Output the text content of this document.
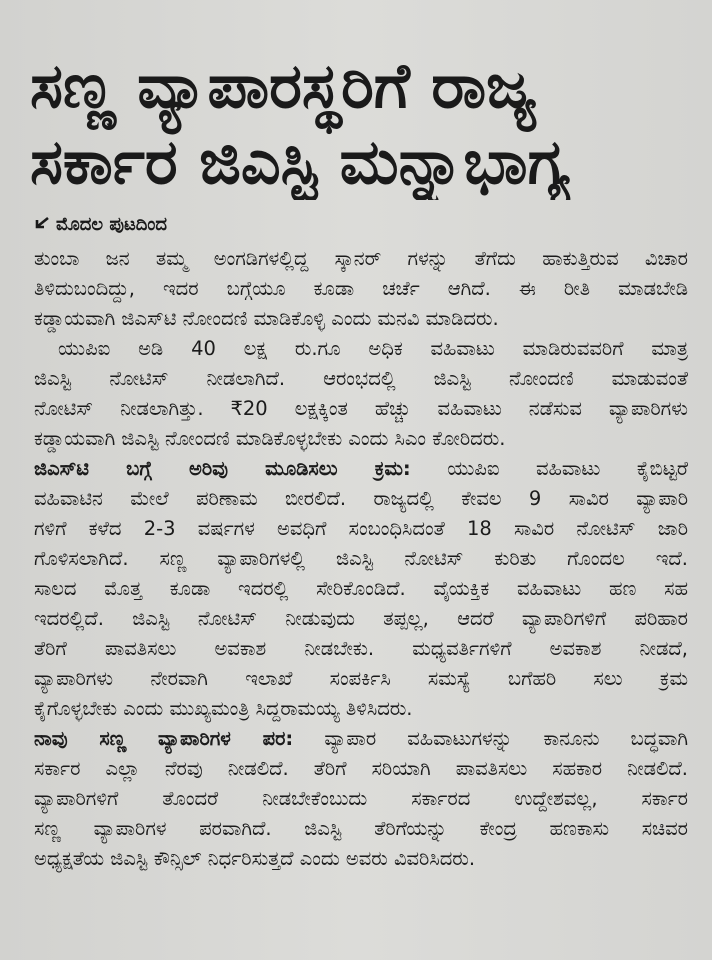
ಸಣ್ಣ ವ್ಯಾಪಾರಸ್ಥರಿಗೆ ರಾಜ್ಯ
ಸರ್ಕಾರ ಜಿಎಸ್ಟಿ ಮನ್ನಾಭಾಗ್ಯ
ಮೊದಲ ಪುಟದಿಂದ
ತುಂಬಾ ಜನ ತಮ್ಮ ಅಂಗಡಿಗಳಲ್ಲಿದ್ದ ಸ್ಕಾನರ್ ಗಳನ್ನು ತೆಗೆದು ಹಾಕುತ್ತಿರುವ ವಿಚಾರ
ತಿಳಿದುಬಂದಿದ್ದು, ಇದರ ಬಗ್ಗೆಯೂ ಕೂಡಾ ಚರ್ಚೆ ಆಗಿದೆ. ಈ ರೀತಿ ಮಾಡಬೇಡಿ
ಕಡ್ಡಾಯವಾಗಿ ಜಿಎಸ್‌ಟಿ ನೋಂದಣಿ ಮಾಡಿಕೊಳ್ಳಿ ಎಂದು ಮನವಿ ಮಾಡಿದರು.
ಯುಪಿಐ ಅಡಿ 40 ಲಕ್ಷ ರು.ಗೂ ಅಧಿಕ ವಹಿವಾಟು ಮಾಡಿರುವವರಿಗೆ ಮಾತ್ರ
ಜಿಎಸ್ಟಿ ನೋಟಿಸ್ ನೀಡಲಾಗಿದೆ. ಆರಂಭದಲ್ಲಿ ಜಿಎಸ್ಟಿ ನೋಂದಣಿ ಮಾಡುವಂತೆ
ನೋಟಿಸ್ ನೀಡಲಾಗಿತ್ತು. ₹20 ಲಕ್ಷಕ್ಕಿಂತ ಹೆಚ್ಚು ವಹಿವಾಟು ನಡೆಸುವ ವ್ಯಾಪಾರಿಗಳು
ಕಡ್ಡಾಯವಾಗಿ ಜಿಎಸ್ಟಿ ನೋಂದಣಿ ಮಾಡಿಕೊಳ್ಳಬೇಕು ಎಂದು ಸಿಎಂ ಕೋರಿದರು.
ಜಿಎಸ್‌ಟಿ ಬಗ್ಗೆ ಅರಿವು ಮೂಡಿಸಲು ಕ್ರಮ: ಯುಪಿಐ ವಹಿವಾಟು ಕೈಬಿಟ್ಟರೆ
ವಹಿವಾಟಿನ ಮೇಲೆ ಪರಿಣಾಮ ಬೀರಲಿದೆ. ರಾಜ್ಯದಲ್ಲಿ ಕೇವಲ 9 ಸಾವಿರ ವ್ಯಾಪಾರಿ
ಗಳಿಗೆ ಕಳೆದ 2-3 ವರ್ಷಗಳ ಅವಧಿಗೆ ಸಂಬಂಧಿಸಿದಂತೆ 18 ಸಾವಿರ ನೋಟಿಸ್ ಜಾರಿ
ಗೊಳಿಸಲಾಗಿದೆ. ಸಣ್ಣ ವ್ಯಾಪಾರಿಗಳಲ್ಲಿ ಜಿಎಸ್ಟಿ ನೋಟಿಸ್ ಕುರಿತು ಗೊಂದಲ ಇದೆ.
ಸಾಲದ ಮೊತ್ತ ಕೂಡಾ ಇದರಲ್ಲಿ ಸೇರಿಕೊಂಡಿದೆ. ವೈಯಕ್ತಿಕ ವಹಿವಾಟು ಹಣ ಸಹ
ಇದರಲ್ಲಿದೆ. ಜಿಎಸ್ಟಿ ನೋಟಿಸ್ ನೀಡುವುದು ತಪ್ಪಲ್ಲ, ಆದರೆ ವ್ಯಾಪಾರಿಗಳಿಗೆ ಪರಿಹಾರ
ತೆರಿಗೆ ಪಾವತಿಸಲು ಅವಕಾಶ ನೀಡಬೇಕು. ಮಧ್ಯವರ್ತಿಗಳಿಗೆ ಅವಕಾಶ ನೀಡದೆ,
ವ್ಯಾಪಾರಿಗಳು ನೇರವಾಗಿ ಇಲಾಖೆ ಸಂಪರ್ಕಿಸಿ ಸಮಸ್ಯೆ ಬಗೆಹರಿ ಸಲು ಕ್ರಮ
ಕೈಗೊಳ್ಳಬೇಕು ಎಂದು ಮುಖ್ಯಮಂತ್ರಿ ಸಿದ್ದರಾಮಯ್ಯ ತಿಳಿಸಿದರು.
ನಾವು ಸಣ್ಣ ವ್ಯಾಪಾರಿಗಳ ಪರ: ವ್ಯಾಪಾರ ವಹಿವಾಟುಗಳನ್ನು ಕಾನೂನು ಬದ್ಧವಾಗಿ
ಸರ್ಕಾರ ಎಲ್ಲಾ ನೆರವು ನೀಡಲಿದೆ. ತೆರಿಗೆ ಸರಿಯಾಗಿ ಪಾವತಿಸಲು ಸಹಕಾರ ನೀಡಲಿದೆ.
ವ್ಯಾಪಾರಿಗಳಿಗೆ ತೊಂದರೆ ನೀಡಬೇಕೆಂಬುದು ಸರ್ಕಾರದ ಉದ್ದೇಶವಲ್ಲ, ಸರ್ಕಾರ
ಸಣ್ಣ ವ್ಯಾಪಾರಿಗಳ ಪರವಾಗಿದೆ. ಜಿಎಸ್ಟಿ ತೆರಿಗೆಯನ್ನು ಕೇಂದ್ರ ಹಣಕಾಸು ಸಚಿವರ
ಅಧ್ಯಕ್ಷತೆಯ ಜಿಎಸ್ಟಿ ಕೌನ್ಸಿಲ್ ನಿರ್ಧರಿಸುತ್ತದೆ ಎಂದು ಅವರು ವಿವರಿಸಿದರು.
